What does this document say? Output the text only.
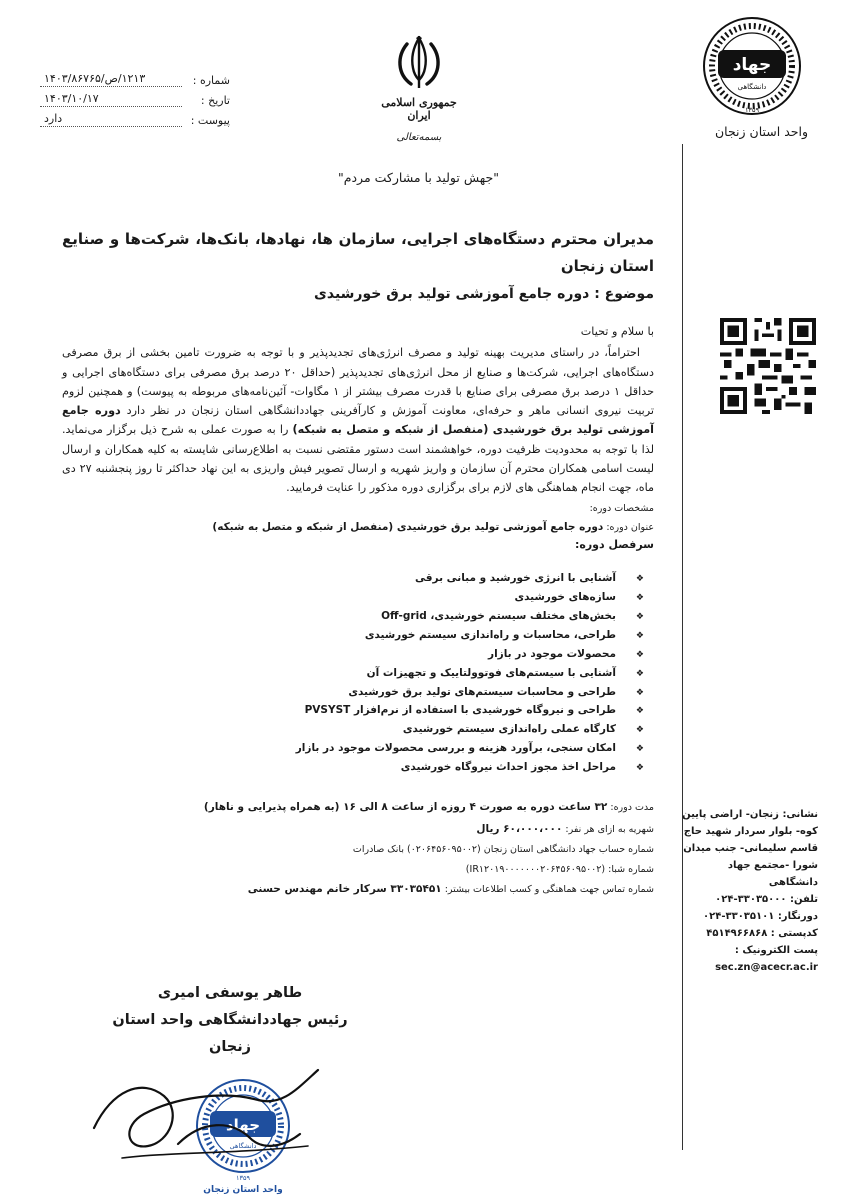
جهاد
دانشگاهی
۱۳۵۹
واحد استان زنجان
جمهوری اسلامی ایران
بسمه‌تعالی
شماره :
۱۲۱۳/ص/۱۴۰۳/۸۶۷۶۵
تاریخ :
۱۴۰۳/۱۰/۱۷
پیوست :
دارد
"جهش تولید با مشارکت مردم"
مدیران محترم دستگاه‌های اجرایی، سازمان ها، نهادها، بانک‌ها، شرکت‌ها و صنایع استان زنجان
موضوع : دوره جامع آموزشی تولید برق خورشیدی
با سلام و تحیات

احتراماً، در راستای مدیریت بهینه تولید و مصرف انرژی‌های تجدیدپذیر و با توجه به ضرورت تامین بخشی از برق مصرفی دستگاه‌های اجرایی، شرکت‌ها و صنایع از محل انرژی‌های تجدیدپذیر (حداقل ۲۰ درصد برق مصرفی برای دستگاه‌های اجرایی و حداقل ۱ درصد برق مصرفی برای صنایع با قدرت مصرف بیشتر از ۱ مگاوات- آئین‌نامه‌های مربوطه به پیوست) و همچنین لزوم تربیت نیروی انسانی ماهر و حرفه‌ای، معاونت آموزش و کارآفرینی جهاددانشگاهی استان زنجان در نظر دارد دوره جامع آموزشی تولید برق خورشیدی (منفصل از شبکه و متصل به شبکه) را به صورت عملی به شرح ذیل برگزار می‌نماید. لذا با توجه به محدودیت ظرفیت دوره، خواهشمند است دستور مقتضی نسبت به اطلاع‌رسانی شایسته به کلیه همکاران و ارسال لیست اسامی همکاران محترم آن سازمان و واریز شهریه و ارسال تصویر فیش واریزی به این نهاد حداکثر تا روز پنجشنبه ۲۷ دی ماه، جهت انجام هماهنگی های لازم برای برگزاری دوره مذکور را عنایت فرمایید.

مشخصات دوره:
عنوان دوره: دوره جامع آموزشی تولید برق خورشیدی (منفصل از شبکه و متصل به شبکه)
سرفصل دوره:
❖ آشنایی با انرژی خورشید و مبانی برقی
❖ سازه‌های خورشیدی
❖ بخش‌های مختلف سیستم خورشیدی، Off-grid
❖ طراحی، محاسبات و راه‌اندازی سیستم خورشیدی
❖ محصولات موجود در بازار
❖ آشنایی با سیستم‌های فوتوولتاییک و تجهیزات آن
❖ طراحی و محاسبات سیستم‌های تولید برق خورشیدی
❖ طراحی و نیروگاه خورشیدی با استفاده از نرم‌افزار PVSYST
❖ کارگاه عملی راه‌اندازی سیستم خورشیدی
❖ امکان سنجی، برآورد هزینه و بررسی محصولات موجود در بازار
❖ مراحل اخذ مجوز احداث نیروگاه خورشیدی
مدت دوره: ۳۲ ساعت دوره به صورت ۴ روزه از ساعت ۸ الی ۱۶ (به همراه پذیرایی و ناهار)
شهریه به ازای هر نفر: ۶۰،۰۰۰،۰۰۰ ریال
شماره حساب جهاد دانشگاهی استان زنجان (۰۲۰۶۴۵۶۰۹۵۰۰۲) بانک صادرات
شماره شبا: (IR۱۲۰۱۹۰۰۰۰۰۰۰۲۰۶۴۵۶۰۹۵۰۰۲)
شماره تماس جهت هماهنگی و کسب اطلاعات بیشتر: ۳۳۰۳۵۴۵۱ سرکار خانم مهندس حسنی
طاهر یوسفی امیری
رئیس جهاددانشگاهی واحد استان
زنجان
جهاد
دانشگاهی
۱۳۵۹
واحد استان زنجان
نشانی: زنجان- اراضی پایین کوه- بلوار سردار شهید حاج قاسم سلیمانی- جنب میدان شورا -مجتمع جهاد دانشگاهی
تلفن: ۰۲۴-۳۳۰۳۵۰۰۰
دورنگار: ۰۲۴-۳۳۰۳۵۱۰۱
کدپستی : ۴۵۱۴۹۶۶۸۶۸
پست الکترونیک :
sec.zn@acecr.ac.ir
